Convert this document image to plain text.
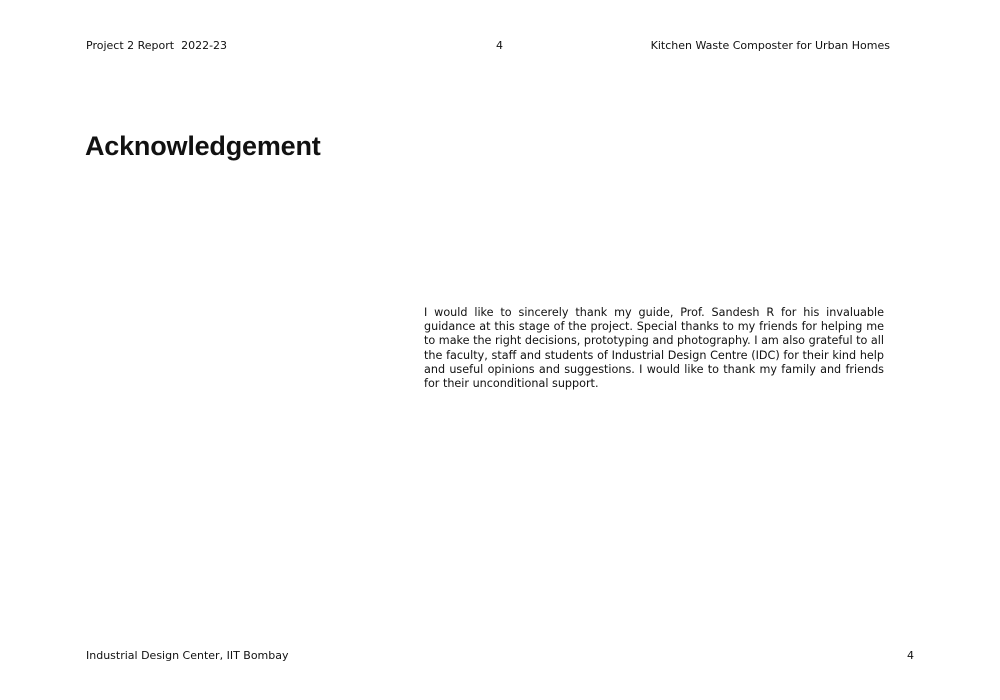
Project 2 Report  2022-23	4	Kitchen Waste Composter for Urban Homes
Acknowledgement

I would like to sincerely thank my guide, Prof. Sandesh R for his invaluable guidance at this stage of the project. Special thanks to my friends for helping me to make the right decisions, prototyping and photography. I am also grateful to all the faculty, staff and students of Industrial Design Centre (IDC) for their kind help and useful opinions and suggestions. I would like to thank my family and friends for their unconditional support.

Industrial Design Center, IIT Bombay	4
